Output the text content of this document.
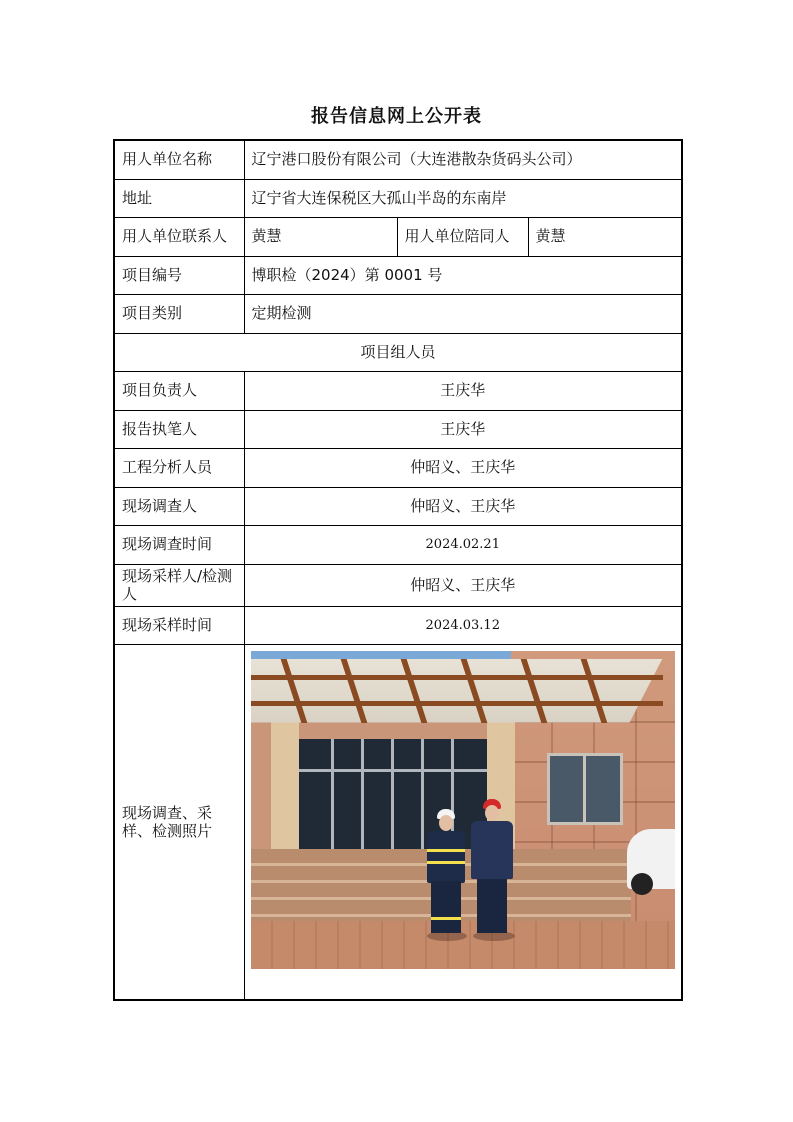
报告信息网上公开表
用人单位名称	辽宁港口股份有限公司（大连港散杂货码头公司）		
地址	辽宁省大连保税区大孤山半岛的东南岸		
用人单位联系人	黄慧	用人单位陪同人	黄慧
项目编号	博职检（2024）第 0001 号		
项目类别	定期检测		
项目组人员			
项目负责人	王庆华		
报告执笔人	王庆华		
工程分析人员	仲昭义、王庆华		
现场调查人	仲昭义、王庆华		
现场调查时间	2024.02.21		
现场采样人/检测人	仲昭义、王庆华		
现场采样时间	2024.03.12		
现场调查、采样、检测照片			
